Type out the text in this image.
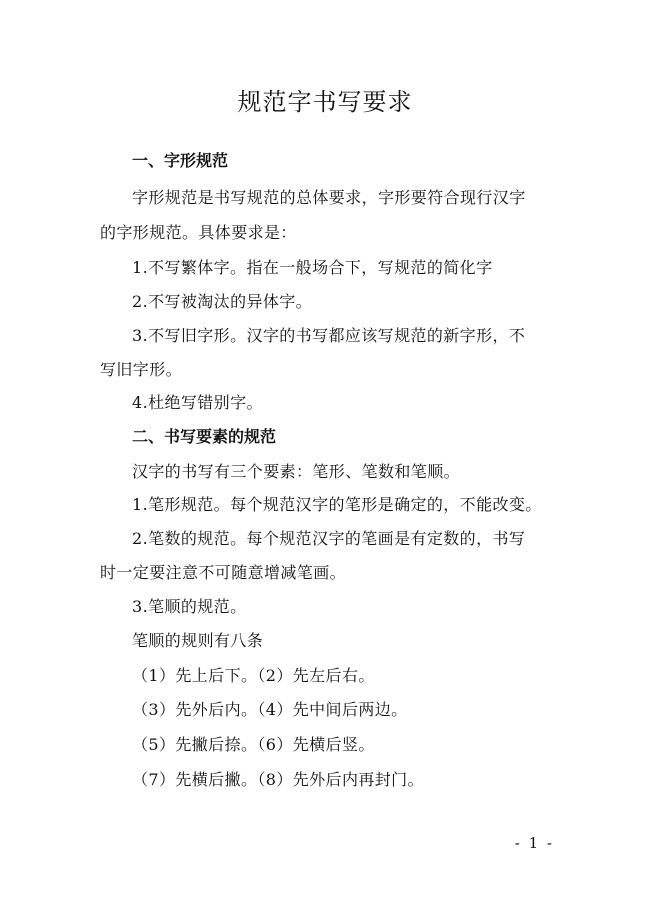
规范字书写要求
一、字形规范
字形规范是书写规范的总体要求，字形要符合现行汉字
的字形规范。具体要求是：
1.不写繁体字。指在一般场合下，写规范的简化字
2.不写被淘汰的异体字。
3.不写旧字形。汉字的书写都应该写规范的新字形，不
写旧字形。
4.杜绝写错别字。
二、书写要素的规范
汉字的书写有三个要素：笔形、笔数和笔顺。
1.笔形规范。每个规范汉字的笔形是确定的，不能改变。
2.笔数的规范。每个规范汉字的笔画是有定数的，书写
时一定要注意不可随意增减笔画。
3.笔顺的规范。
笔顺的规则有八条
（1）先上后下。（2）先左后右。
（3）先外后内。（4）先中间后两边。
（5）先撇后捺。（6）先横后竖。
（7）先横后撇。（8）先外后内再封门。
- 1 -
